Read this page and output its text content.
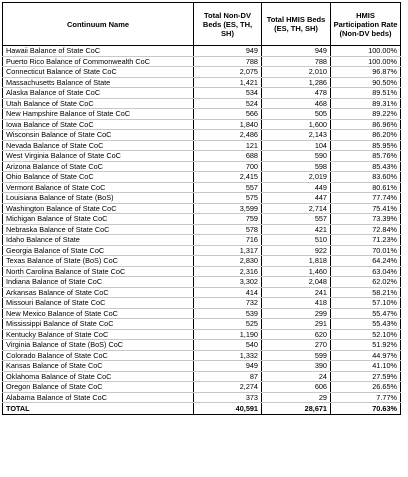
Continuum Name	Total Non-DV Beds (ES, TH, SH)	Total HMIS Beds (ES, TH, SH)	HMIS Participation Rate (Non-DV beds)
Hawaii Balance of State CoC	949	949	100.00%
Puerto Rico Balance of Commonwealth CoC	788	788	100.00%
Connecticut Balance of State CoC	2,075	2,010	96.87%
Massachusetts Balance of State	1,421	1,286	90.50%
Alaska Balance of State CoC	534	478	89.51%
Utah Balance of State CoC	524	468	89.31%
New Hampshire Balance of State CoC	566	505	89.22%
Iowa Balance of State CoC	1,840	1,600	86.96%
Wisconsin Balance of State CoC	2,486	2,143	86.20%
Nevada Balance of State CoC	121	104	85.95%
West Virginia Balance of State CoC	688	590	85.76%
Arizona Balance of State CoC	700	598	85.43%
Ohio Balance of State CoC	2,415	2,019	83.60%
Vermont Balance of State CoC	557	449	80.61%
Louisiana Balance of State (BoS)	575	447	77.74%
Washington Balance of State CoC	3,599	2,714	75.41%
Michigan Balance of State CoC	759	557	73.39%
Nebraska Balance of State CoC	578	421	72.84%
Idaho Balance of State	716	510	71.23%
Georgia Balance of State CoC	1,317	922	70.01%
Texas Balance of State (BoS) CoC	2,830	1,818	64.24%
North Carolina Balance of State CoC	2,316	1,460	63.04%
Indiana Balance of State CoC	3,302	2,048	62.02%
Arkansas Balance of State CoC	414	241	58.21%
Missouri Balance of State CoC	732	418	57.10%
New Mexico Balance of State CoC	539	299	55.47%
Mississippi Balance of State CoC	525	291	55.43%
Kentucky Balance of State CoC	1,190	620	52.10%
Virginia Balance of State (BoS) CoC	540	270	51.92%
Colorado Balance of State CoC	1,332	599	44.97%
Kansas Balance of State CoC	949	390	41.10%
Oklahoma Balance of State CoC	87	24	27.59%
Oregon Balance of State CoC	2,274	606	26.65%
Alabama Balance of State CoC	373	29	7.77%
TOTAL	40,591	28,671	70.63%
